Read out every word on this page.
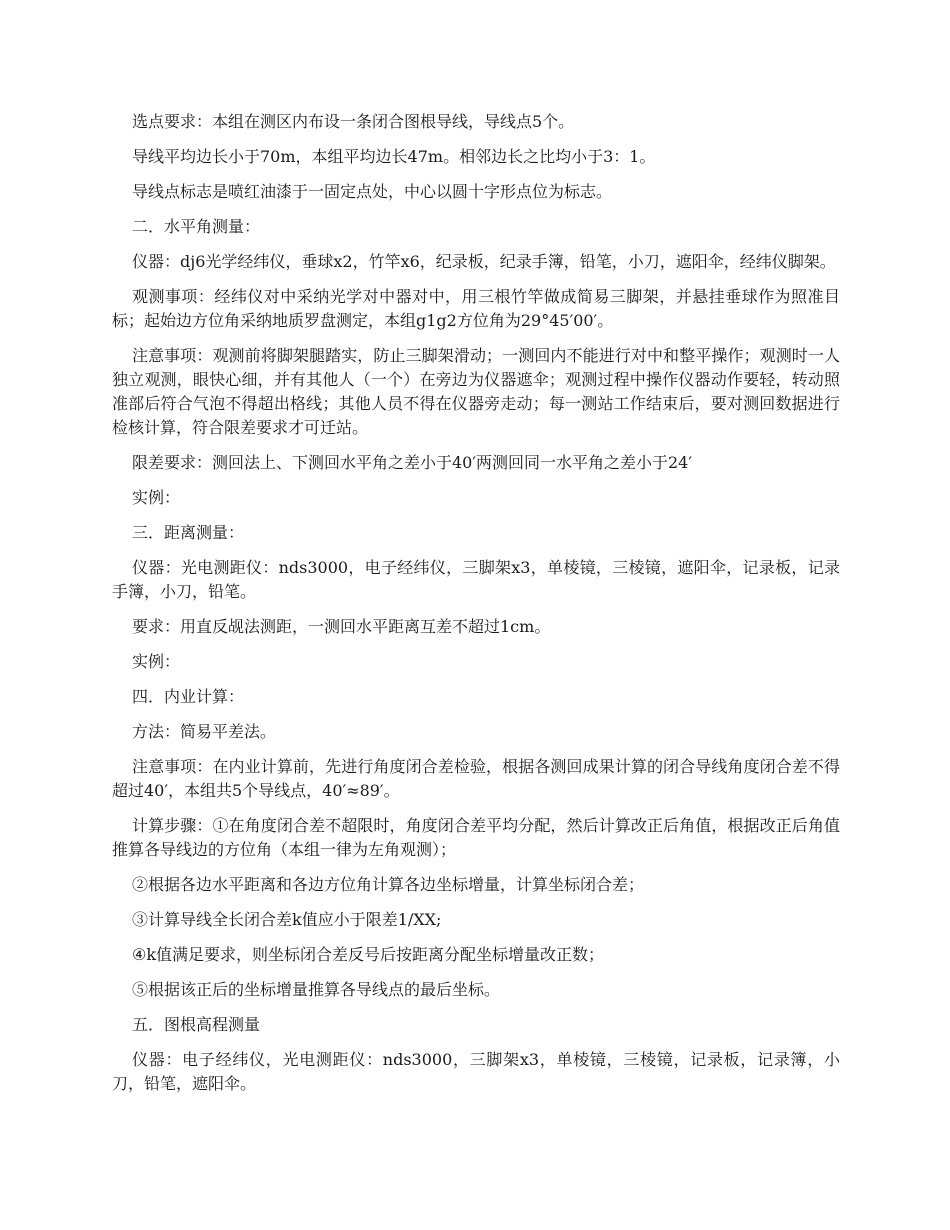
选点要求：本组在测区内布设一条闭合图根导线，导线点5个。

导线平均边长小于70m，本组平均边长47m。相邻边长之比均小于3：1。

导线点标志是喷红油漆于一固定点处，中心以圆十字形点位为标志。

二．水平角测量：

仪器：dj6光学经纬仪，垂球x2，竹竿x6，纪录板，纪录手簿，铅笔，小刀，遮阳伞，经纬仪脚架。

观测事项：经纬仪对中采纳光学对中器对中，用三根竹竿做成简易三脚架，并悬挂垂球作为照准目标；起始边方位角采纳地质罗盘测定，本组g1g2方位角为29°45′00′。

注意事项：观测前将脚架腿踏实，防止三脚架滑动；一测回内不能进行对中和整平操作；观测时一人独立观测，眼快心细，并有其他人（一个）在旁边为仪器遮伞；观测过程中操作仪器动作要轻，转动照准部后符合气泡不得超出格线；其他人员不得在仪器旁走动；每一测站工作结束后，要对测回数据进行检核计算，符合限差要求才可迁站。

限差要求：测回法上、下测回水平角之差小于40′两测回同一水平角之差小于24′

实例：

三．距离测量：

仪器：光电测距仪：nds3000，电子经纬仪，三脚架x3，单棱镜，三棱镜，遮阳伞，记录板，记录手簿，小刀，铅笔。

要求：用直反觇法测距，一测回水平距离互差不超过1cm。

实例：

四．内业计算：

方法：简易平差法。

注意事项：在内业计算前，先进行角度闭合差检验，根据各测回成果计算的闭合导线角度闭合差不得超过40′，本组共5个导线点，40′≈89′。

计算步骤：①在角度闭合差不超限时，角度闭合差平均分配，然后计算改正后角值，根据改正后角值推算各导线边的方位角（本组一律为左角观测）；

②根据各边水平距离和各边方位角计算各边坐标增量，计算坐标闭合差；

③计算导线全长闭合差k值应小于限差1/XX;

④k值满足要求，则坐标闭合差反号后按距离分配坐标增量改正数；

⑤根据该正后的坐标增量推算各导线点的最后坐标。

五．图根高程测量

仪器：电子经纬仪，光电测距仪：nds3000，三脚架x3，单棱镜，三棱镜，记录板，记录簿，小刀，铅笔，遮阳伞。
